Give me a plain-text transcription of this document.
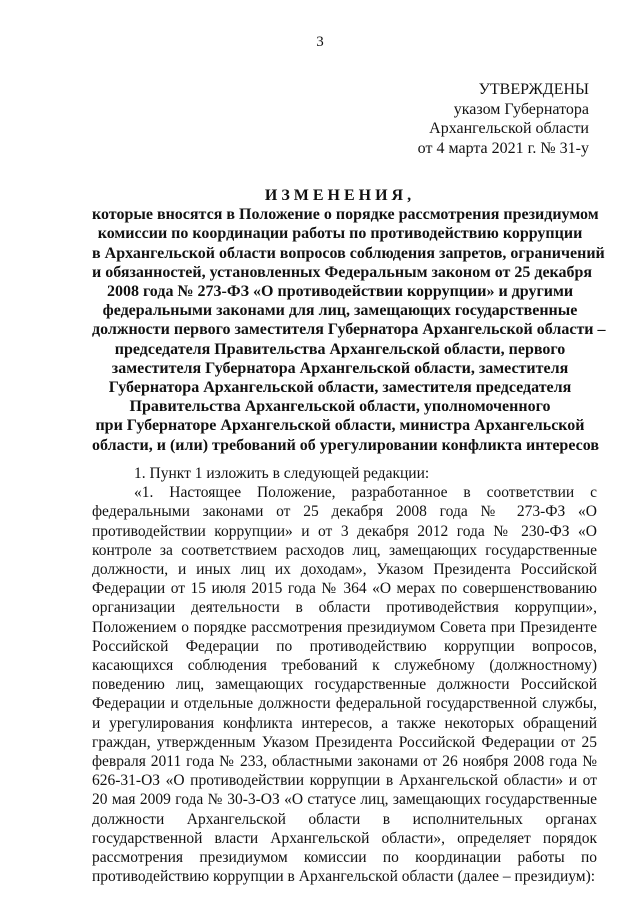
3
УТВЕРЖДЕНЫ
указом Губернатора
Архангельской области
от 4 марта 2021 г. № 31-у
ИЗМЕНЕНИЯ,
которые вносятся в Положение о порядке рассмотрения президиумом
комиссии по координации работы по противодействию коррупции
в Архангельской области вопросов соблюдения запретов, ограничений
и обязанностей, установленных Федеральным законом от 25 декабря
2008 года № 273-ФЗ «О противодействии коррупции» и другими
федеральными законами для лиц, замещающих государственные
должности первого заместителя Губернатора Архангельской области –
председателя Правительства Архангельской области, первого
заместителя Губернатора Архангельской области, заместителя
Губернатора Архангельской области, заместителя председателя
Правительства Архангельской области, уполномоченного
при Губернаторе Архангельской области, министра Архангельской
области, и (или) требований об урегулировании конфликта интересов
1. Пункт 1 изложить в следующей редакции:
«1. Настоящее Положение, разработанное в соответствии с федеральными законами от 25 декабря 2008 года № 273-ФЗ «О противодействии коррупции» и от 3 декабря 2012 года № 230-ФЗ «О контроле за соответствием расходов лиц, замещающих государственные должности, и иных лиц их доходам», Указом Президента Российской Федерации от 15 июля 2015 года № 364 «О мерах по совершенствованию организации деятельности в области противодействия коррупции», Положением о порядке рассмотрения президиумом Совета при Президенте Российской Федерации по противодействию коррупции вопросов, касающихся соблюдения требований к служебному (должностному) поведению лиц, замещающих государственные должности Российской Федерации и отдельные должности федеральной государственной службы, и урегулирования конфликта интересов, а также некоторых обращений граждан, утвержденным Указом Президента Российской Федерации от 25 февраля 2011 года № 233, областными законами от 26 ноября 2008 года № 626-31-ОЗ «О противодействии коррупции в Архангельской области» и от 20 мая 2009 года № 30-3-ОЗ «О статусе лиц, замещающих государственные должности Архангельской области в исполнительных органах государственной власти Архангельской области», определяет порядок рассмотрения президиумом комиссии по координации работы по противодействию коррупции в Архангельской области (далее – президиум):
